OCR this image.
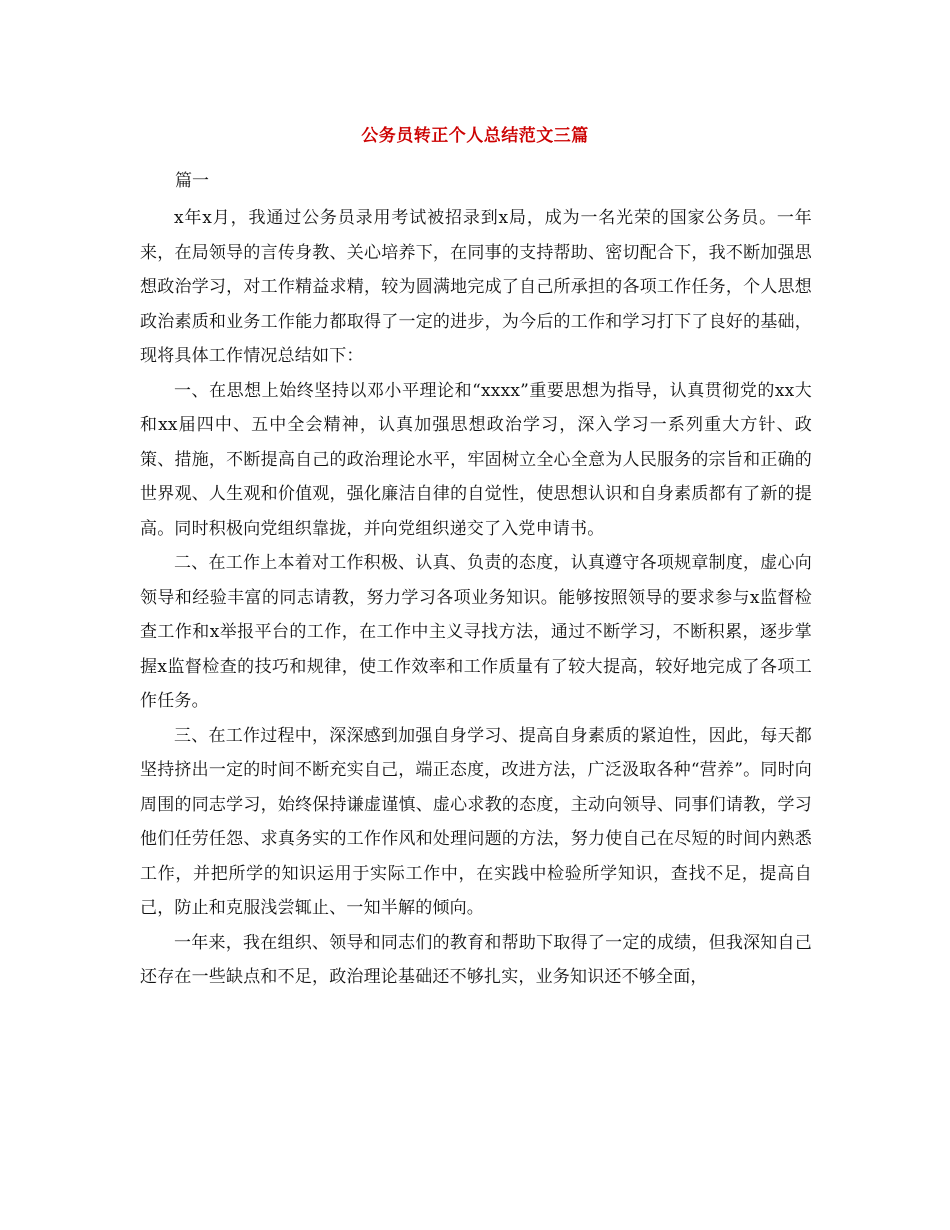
公务员转正个人总结范文三篇
篇一

x年x月，我通过公务员录用考试被招录到x局，成为一名光荣的国家公务员。一年来，在局领导的言传身教、关心培养下，在同事的支持帮助、密切配合下，我不断加强思想政治学习，对工作精益求精，较为圆满地完成了自己所承担的各项工作任务，个人思想政治素质和业务工作能力都取得了一定的进步，为今后的工作和学习打下了良好的基础，现将具体工作情况总结如下：

一、在思想上始终坚持以邓小平理论和“xxxx”重要思想为指导，认真贯彻党的xx大和xx届四中、五中全会精神，认真加强思想政治学习，深入学习一系列重大方针、政策、措施，不断提高自己的政治理论水平，牢固树立全心全意为人民服务的宗旨和正确的世界观、人生观和价值观，强化廉洁自律的自觉性，使思想认识和自身素质都有了新的提高。同时积极向党组织靠拢，并向党组织递交了入党申请书。

二、在工作上本着对工作积极、认真、负责的态度，认真遵守各项规章制度，虚心向领导和经验丰富的同志请教，努力学习各项业务知识。能够按照领导的要求参与x监督检查工作和x举报平台的工作，在工作中主义寻找方法，通过不断学习，不断积累，逐步掌握x监督检查的技巧和规律，使工作效率和工作质量有了较大提高，较好地完成了各项工作任务。

三、在工作过程中，深深感到加强自身学习、提高自身素质的紧迫性，因此，每天都坚持挤出一定的时间不断充实自己，端正态度，改进方法，广泛汲取各种“营养”。同时向周围的同志学习，始终保持谦虚谨慎、虚心求教的态度，主动向领导、同事们请教，学习他们任劳任怨、求真务实的工作作风和处理问题的方法，努力使自己在尽短的时间内熟悉工作，并把所学的知识运用于实际工作中，在实践中检验所学知识，查找不足，提高自己，防止和克服浅尝辄止、一知半解的倾向。

一年来，我在组织、领导和同志们的教育和帮助下取得了一定的成绩，但我深知自己还存在一些缺点和不足，政治理论基础还不够扎实，业务知识还不够全面，
